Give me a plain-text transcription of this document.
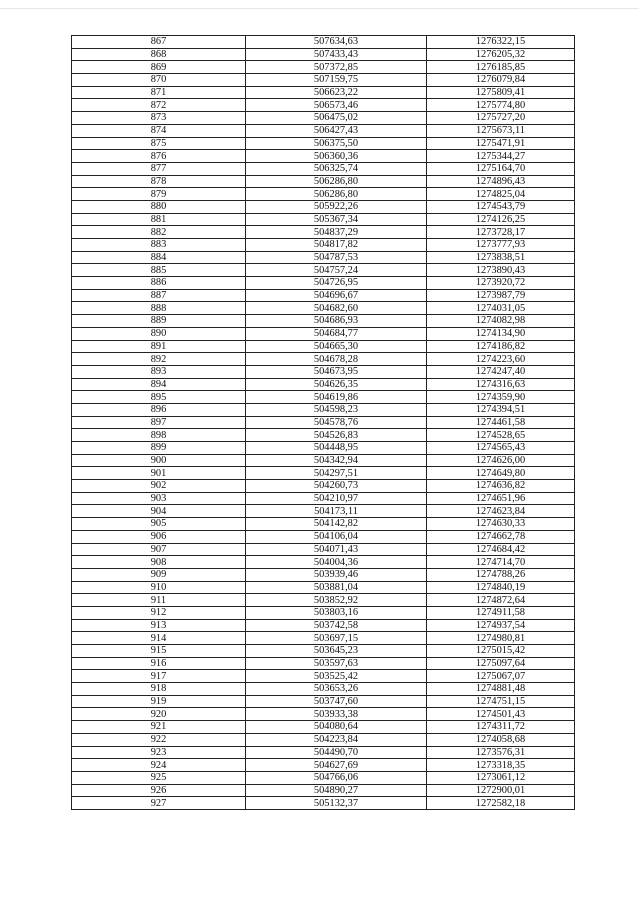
867	507634,63	1276322,15
868	507433,43	1276205,32
869	507372,85	1276185,85
870	507159,75	1276079,84
871	506623,22	1275809,41
872	506573,46	1275774,80
873	506475,02	1275727,20
874	506427,43	1275673,11
875	506375,50	1275471,91
876	506360,36	1275344,27
877	506325,74	1275164,70
878	506286,80	1274896,43
879	506286,80	1274825,04
880	505922,26	1274543,79
881	505367,34	1274126,25
882	504837,29	1273728,17
883	504817,82	1273777,93
884	504787,53	1273838,51
885	504757,24	1273890,43
886	504726,95	1273920,72
887	504696,67	1273987,79
888	504682,60	1274031,05
889	504686,93	1274082,98
890	504684,77	1274134,90
891	504665,30	1274186,82
892	504678,28	1274223,60
893	504673,95	1274247,40
894	504626,35	1274316,63
895	504619,86	1274359,90
896	504598,23	1274394,51
897	504578,76	1274461,58
898	504526,83	1274528,65
899	504448,95	1274565,43
900	504342,94	1274626,00
901	504297,51	1274649,80
902	504260,73	1274636,82
903	504210,97	1274651,96
904	504173,11	1274623,84
905	504142,82	1274630,33
906	504106,04	1274662,78
907	504071,43	1274684,42
908	504004,36	1274714,70
909	503939,46	1274788,26
910	503881,04	1274840,19
911	503852,92	1274872,64
912	503803,16	1274911,58
913	503742,58	1274937,54
914	503697,15	1274980,81
915	503645,23	1275015,42
916	503597,63	1275097,64
917	503525,42	1275067,07
918	503653,26	1274881,48
919	503747,60	1274751,15
920	503933,38	1274501,43
921	504080,64	1274311,72
922	504223,84	1274058,68
923	504490,70	1273576,31
924	504627,69	1273318,35
925	504766,06	1273061,12
926	504890,27	1272900,01
927	505132,37	1272582,18
